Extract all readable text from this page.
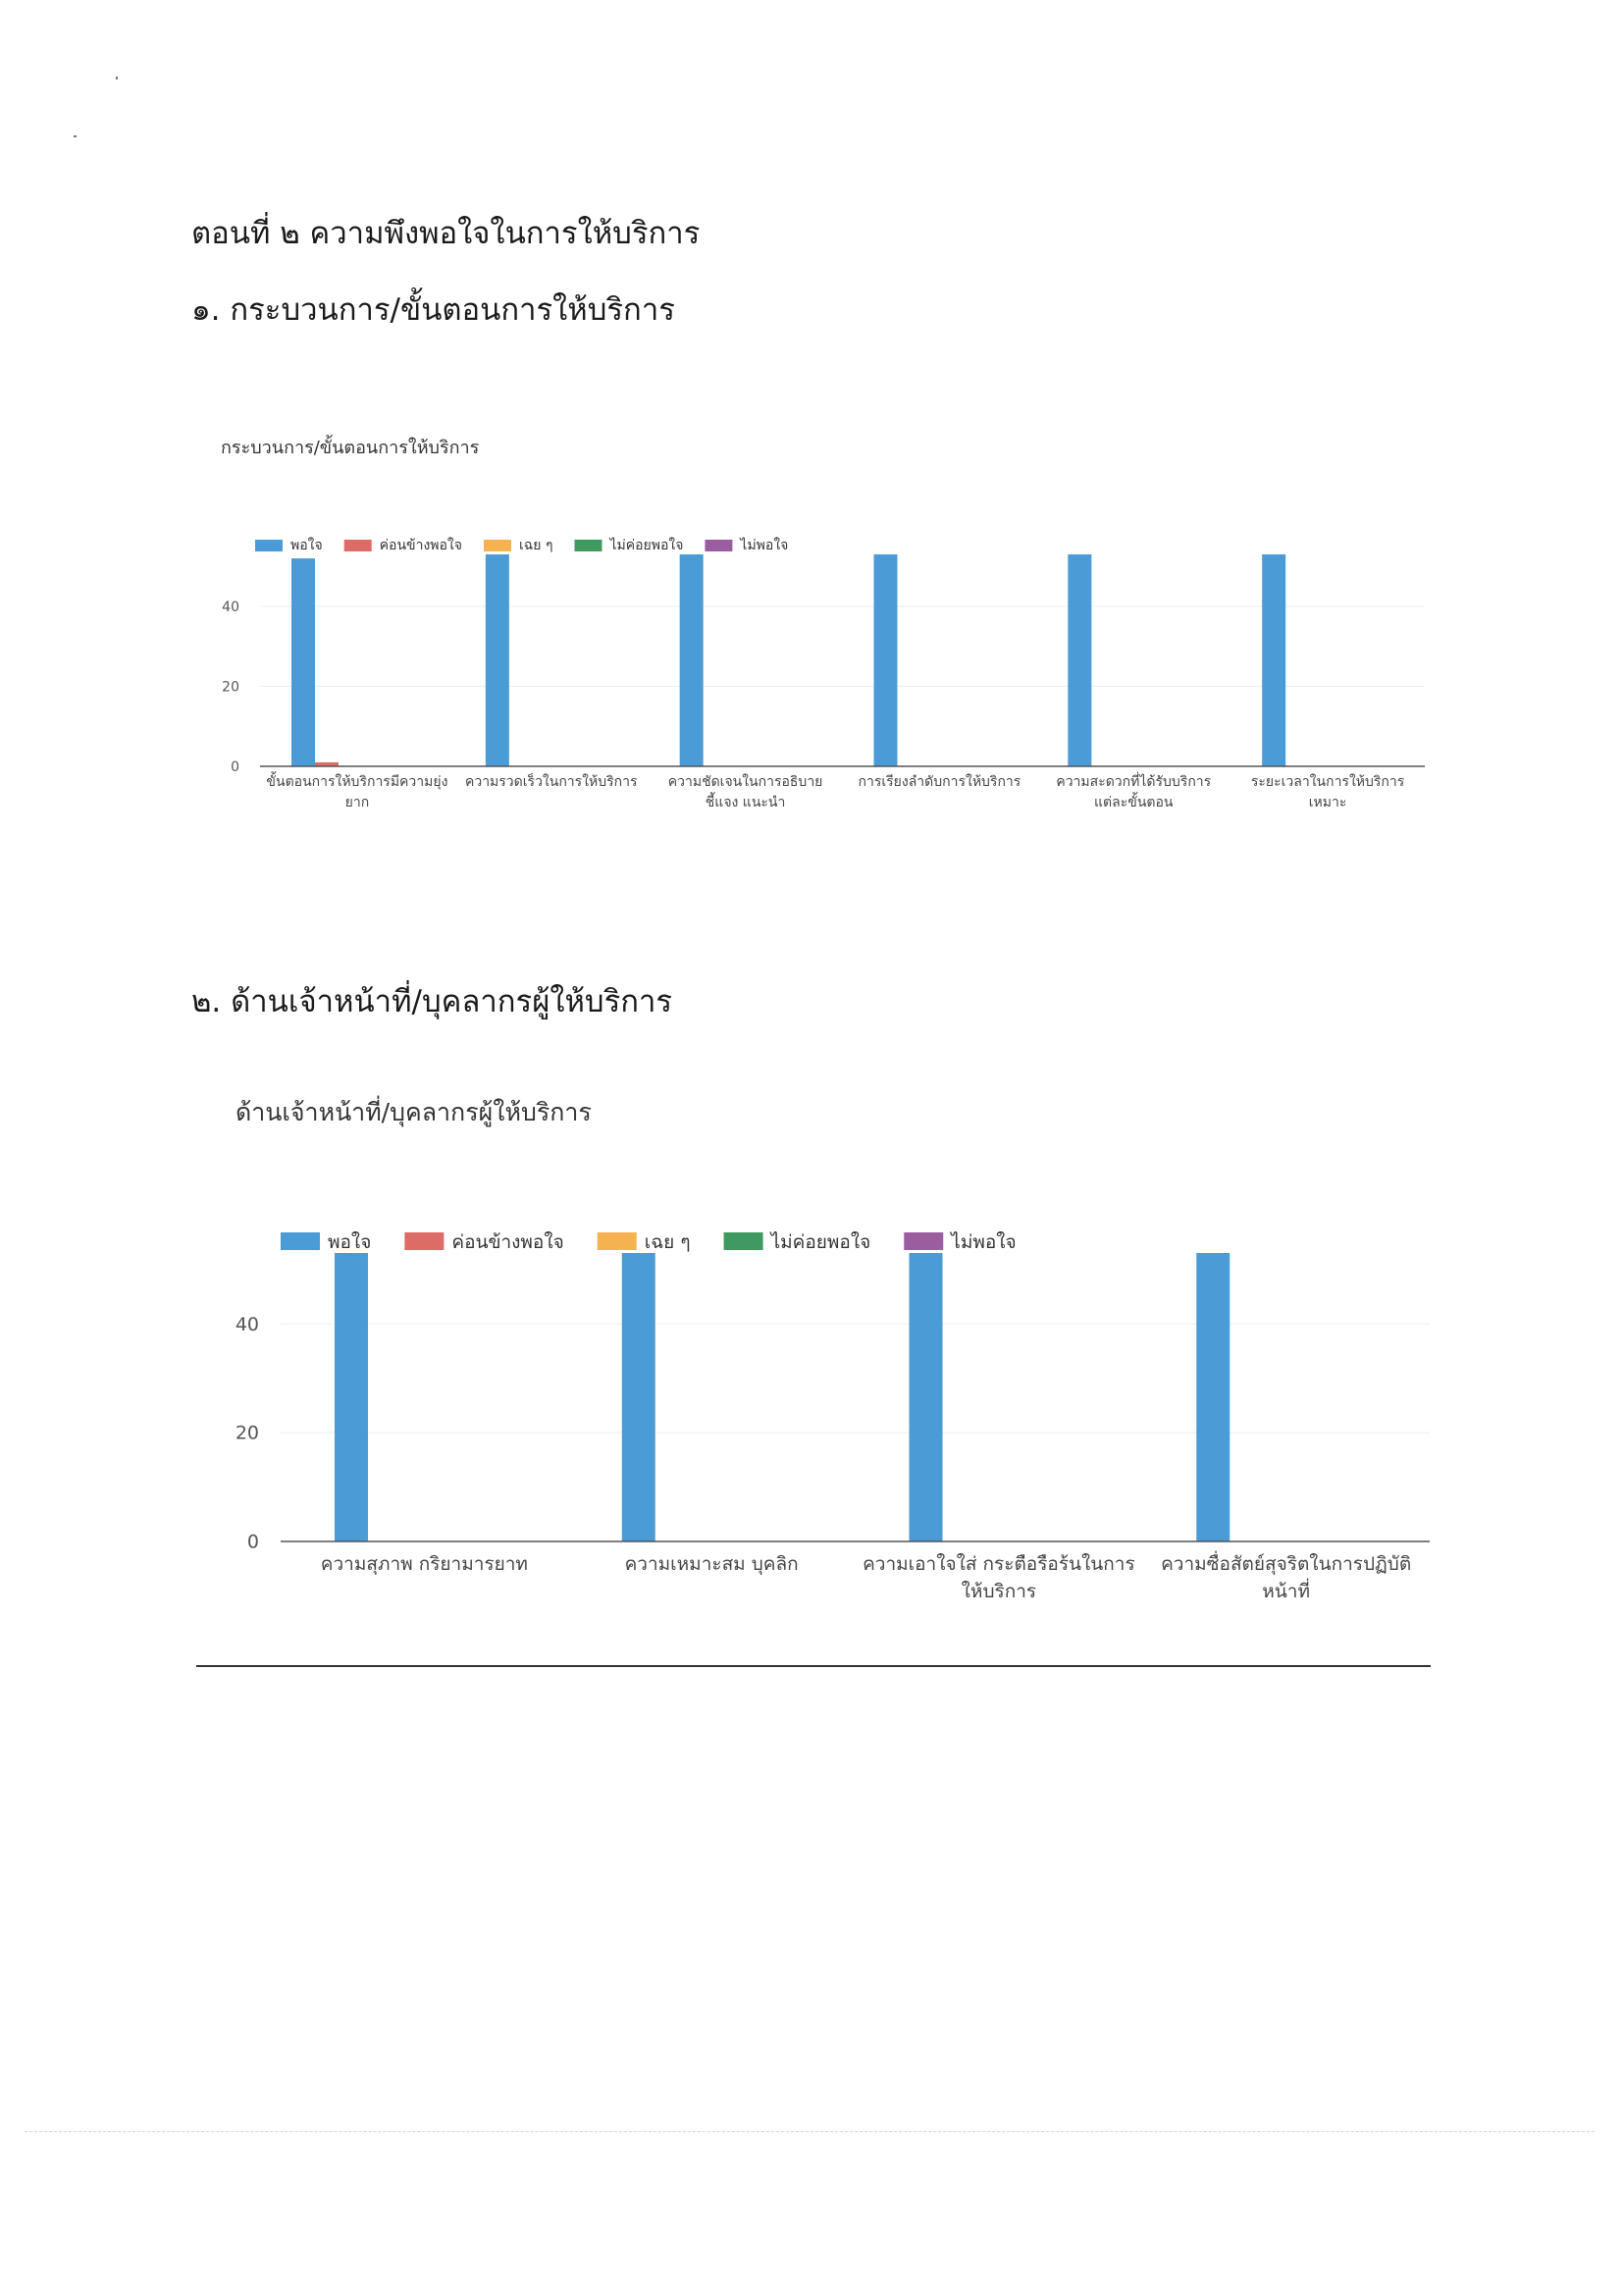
ตอนที่ ๒ ความพึงพอใจในการให้บริการ
๑. กระบวนการ/ขั้นตอนการให้บริการ
กระบวนการ/ขั้นตอนการให้บริการ
0
20
40
พอใจ	ค่อนข้างพอใจ	เฉย ๆ	ไม่ค่อยพอใจ	ไม่พอใจ
ขั้นตอนการให้บริการมีความยุ่ง
ยาก
ความรวดเร็วในการให้บริการ ความชัดเจนในการอธิบาย
ชี้แจง แนะนำ
การเรียงลำดับการให้บริการ	ความสะดวกที่ได้รับบริการ
แต่ละขั้นตอน
ระยะเวลาในการให้บริการ
เหมาะ
๒. ด้านเจ้าหน้าที่/บุคลากรผู้ให้บริการ
ด้านเจ้าหน้าที่/บุคลากรผู้ให้บริการ
0
20
40
พอใจ	ค่อนข้างพอใจ	เฉย ๆ	ไม่ค่อยพอใจ	ไม่พอใจ
ความสุภาพ กริยามารยาท	ความเหมาะสม บุคลิก	ความเอาใจใส่ กระตือรือร้นในการ
ให้บริการ
ความซื่อสัตย์สุจริตในการปฏิบัติ
หน้าที่
